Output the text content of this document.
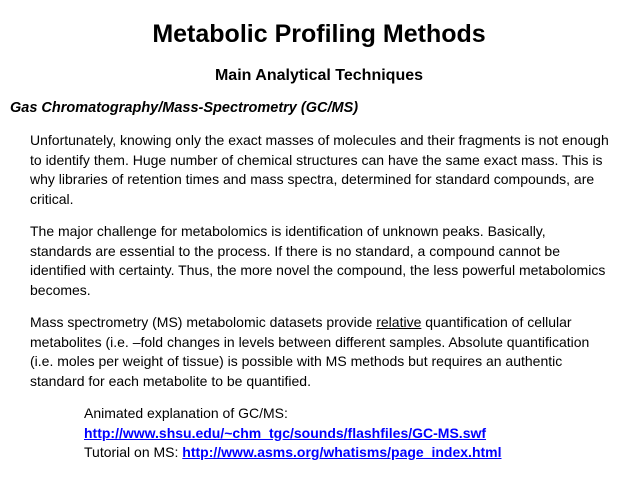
Metabolic Profiling Methods
Main Analytical Techniques
Gas Chromatography/Mass-Spectrometry (GC/MS)

Unfortunately, knowing only the exact masses of molecules and their fragments is not enough to identify them. Huge number of chemical structures can have the same exact mass. This is why libraries of retention times and mass spectra, determined for standard compounds, are critical.

The major challenge for metabolomics is identification of unknown peaks. Basically, standards are essential to the process. If there is no standard, a compound cannot be identified with certainty. Thus, the more novel the compound, the less powerful metabolomics becomes.

Mass spectrometry (MS) metabolomic datasets provide relative quantification of cellular metabolites (i.e. –fold changes in levels between different samples. Absolute quantification (i.e. moles per weight of tissue) is possible with MS methods but requires an authentic standard for each metabolite to be quantified.

Animated explanation of GC/MS:
http://www.shsu.edu/~chm_tgc/sounds/flashfiles/GC-MS.swf
Tutorial on MS: http://www.asms.org/whatisms/page_index.html
